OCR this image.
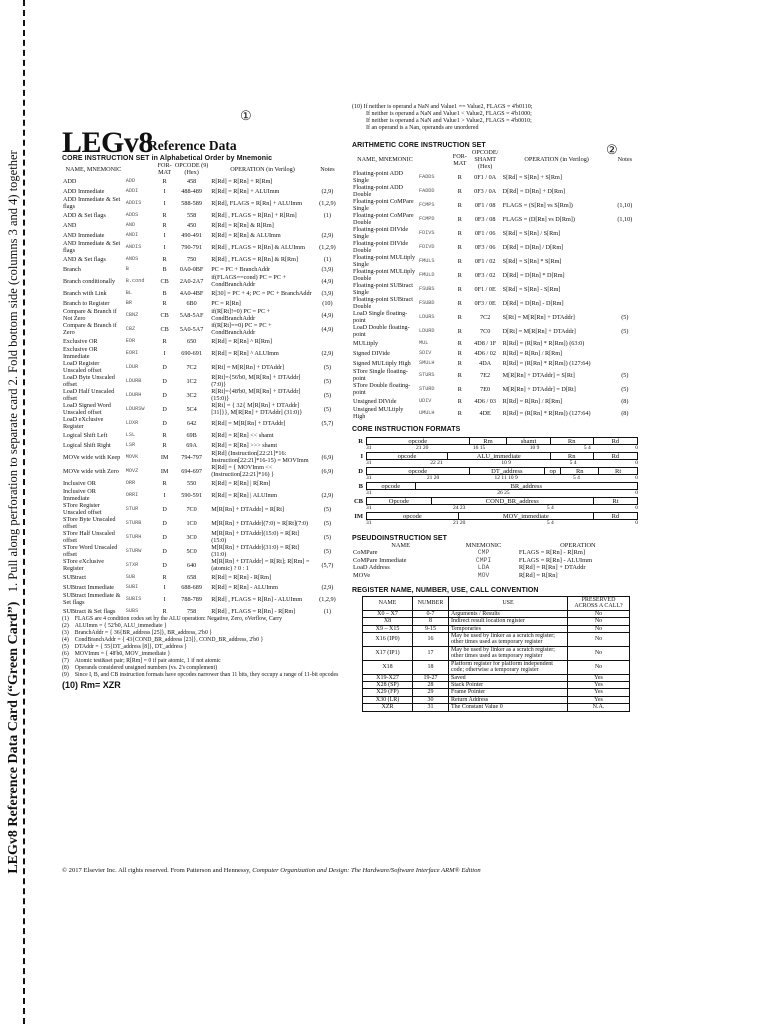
LEGv8 Reference Data Card (“Green Card”)   1. Pull along perforation to separate card 2. Fold bottom side (columns 3 and 4) together
①
LEGv8
Reference Data
CORE INSTRUCTION SET in Alphabetical Order by Mnemonic
NAME, MNEMONIC		FOR-
MAT	OPCODE (9)
(Hex)	OPERATION (in Verilog)	Notes
ADD	ADD	R	458	R[Rd] = R[Rn] + R[Rm]	
ADD Immediate	ADDI	I	488-489	R[Rd] = R[Rn] + ALUImm	(2,9)
ADD Immediate & Set flags	ADDIS	I	588-589	R[Rd], FLAGS = R[Rn] + ALUImm	(1,2,9)
ADD & Set flags	ADDS	R	558	R[Rd] , FLAGS = R[Rn] + R[Rm]	(1)
AND	AND	R	450	R[Rd] = R[Rn] & R[Rm]	
AND Immediate	ANDI	I	490-491	R[Rd] = R[Rn] & ALUImm	(2,9)
AND Immediate & Set flags	ANDIS	I	790-791	R[Rd] , FLAGS = R[Rn] & ALUImm	(1,2,9)
AND & Set flags	ANDS	R	750	R[Rd] , FLAGS = R[Rn] & R[Rm]	(1)
Branch	B	B	0A0-0BF	PC = PC + BranchAddr	(3,9)
Branch conditionally	B.cond	CB	2A0-2A7	if(FLAGS==cond) PC = PC + CondBranchAddr	(4,9)
Branch with Link	BL	B	4A0-4BF	R[30] = PC + 4; PC = PC + BranchAddr	(3,9)
Branch to Register	BR	R	6B0	PC = R[Rn]	(10)
Compare & Branch if Not Zero	CBNZ	CB	5A8-5AF	if(R[Rt]!=0) PC = PC + CondBranchAddr	(4,9)
Compare & Branch if Zero	CBZ	CB	5A0-5A7	if(R[Rt]==0) PC = PC + CondBranchAddr	(4,9)
Exclusive OR	EOR	R	650	R[Rd] = R[Rn] ^ R[Rm]	
Exclusive OR Immediate	EORI	I	690-691	R[Rd] = R[Rn] ^ ALUImm	(2,9)
LoaD Register Unscaled offset	LDUR	D	7C2	R[Rt] = M[R[Rn] + DTAddr]	(5)
LoaD Byte Unscaled offset	LDURB	D	1C2	R[Rt]={56'b0, M[R[Rn] + DTAddr](7:0)}	(5)
LoaD Half Unscaled offset	LDURH	D	3C2	R[Rt]={48'b0, M[R[Rn] + DTAddr] (15:0)}	(5)
LoaD Signed Word Unscaled offset	LDURSW	D	5C4	R[Rt] = { 32{ M[R[Rn] + DTAddr] [31]}}, M[R[Rn] + DTAddr] (31:0)}	(5)
LoaD eXclusive Register	LDXR	D	642	R[Rd] = M[R[Rn] + DTAddr]	(5,7)
Logical Shift Left	LSL	R	69B	R[Rd] = R[Rn] << shamt	
Logical Shift Right	LSR	R	69A	R[Rd] = R[Rn] >>> shamt	
MOVe wide with Keep	MOVK	IM	794-797	R[Rd] (Instruction[22:21]*16: Instruction[22:21]*16-15) = MOVImm	(6,9)
MOVe wide with Zero	MOVZ	IM	694-697	R[Rd] = { MOVImm << (Instruction[22:21]*16) }	(6,9)
Inclusive OR	ORR	R	550	R[Rd] = R[Rn] | R[Rm]	
Inclusive OR Immediate	ORRI	I	590-591	R[Rd] = R[Rn] | ALUImm	(2,9)
STore Register Unscaled offset	STUR	D	7C0	M[R[Rn] + DTAddr] = R[Rt]	(5)
STore Byte Unscaled offset	STURB	D	1C0	M[R[Rn] + DTAddr](7:0) = R[Rt](7:0)	(5)
STore Half Unscaled offset	STURH	D	3C0	M[R[Rn] + DTAddr](15:0) = R[Rt](15:0)	(5)
STore Word Unscaled offset	STURW	D	5C0	M[R[Rn] + DTAddr](31:0) = R[Rt](31:0)	(5)
STore eXclusive Register	STXR	D	640	M[R[Rn] + DTAddr] = R[Rt]; R[Rm] = (atomic) ? 0 : 1	(5,7)
SUBtract	SUB	R	658	R[Rd] = R[Rn] - R[Rm]	
SUBtract Immediate	SUBI	I	688-689	R[Rd] = R[Rn] - ALUImm	(2,9)
SUBtract Immediate & Set flags	SUBIS	I	788-789	R[Rd] , FLAGS = R[Rn] - ALUImm	(1,2,9)
SUBtract & Set flags	SUBS	R	758	R[Rd] , FLAGS = R[Rn] - R[Rm]	(1)
(1) FLAGS are 4 condition codes set by the ALU operation: Negative, Zero, oVerflow, Carry
(2) ALUImm = { 52'b0, ALU_immediate }
(3) BranchAddr = { 36{BR_address [25]}, BR_address, 2'b0 }
(4) CondBranchAddr = { 43{COND_BR_address [23]}, COND_BR_address, 2'b0 }
(5) DTAddr = { 55{DT_address [8]}, DT_address }
(6) MOVImm = { 48'b0, MOV_immediate }
(7) Atomic test&set pair; R[Rm] = 0 if pair atomic, 1 if not atomic
(8) Operands considered unsigned numbers (vs. 2's complement)
(9) Since I, B, and CB instruction formats have opcodes narrower than 11 bits, they occupy a range of 11-bit opcodes
(10) Rm= XZR
(10) If neither is operand a NaN and Value1 == Value2, FLAGS = 4'b0110;
If neither is operand a NaN and Value1 < Value2, FLAGS = 4'b1000;
If neither is operand a NaN and Value1 > Value2, FLAGS = 4'b0010;
If an operand is a Nan, operands are unordered
②
ARITHMETIC CORE INSTRUCTION SET
NAME, MNEMONIC		FOR-
MAT	OPCODE/
SHAMT
(Hex)	OPERATION (in Verilog)	Notes
Floating-point ADD Single	FADDS	R	0F1 / 0A	S[Rd] = S[Rn] + S[Rm]	
Floating-point ADD Double	FADDD	R	0F3 / 0A	D[Rd] = D[Rn] + D[Rm]	
Floating-point CoMPare Single	FCMPS	R	0F1 / 08	FLAGS = (S[Rn] vs S[Rm])	(1,10)
Floating-point CoMPare Double	FCMPD	R	0F3 / 08	FLAGS = (D[Rn] vs D[Rm])	(1,10)
Floating-point DIVide Single	FDIVS	R	0F1 / 06	S[Rd] = S[Rn] / S[Rm]	
Floating-point DIVide Double	FDIVD	R	0F3 / 06	D[Rd] = D[Rn] / D[Rm]	
Floating-point MULtiply Single	FMULS	R	0F1 / 02	S[Rd] = S[Rn] * S[Rm]	
Floating-point MULtiply Double	FMULD	R	0F3 / 02	D[Rd] = D[Rn] * D[Rm]	
Floating-point SUBtract Single	FSUBS	R	0F1 / 0E	S[Rd] = S[Rn] - S[Rm]	
Floating-point SUBtract Double	FSUBD	R	0F3 / 0E	D[Rd] = D[Rn] - D[Rm]	
LoaD Single floating-point	LDURS	R	7C2	S[Rt] = M[R[Rn] + DTAddr]	(5)
LoaD Double floating-point	LDURD	R	7C0	D[Rt] = M[R[Rn] + DTAddr]	(5)
MULtiply	MUL	R	4D8 / 1F	R[Rd] = (R[Rn] * R[Rm]) (63:0)	
Signed DIVide	SDIV	R	4D6 / 02	R[Rd] = R[Rn] / R[Rm]	
Signed MULtiply High	SMULH	R	4DA	R[Rd] = (R[Rn] * R[Rm]) (127:64)	
STore Single floating-point	STURS	R	7E2	M[R[Rn] + DTAddr] = S[Rt]	(5)
STore Double floating-point	STURD	R	7E0	M[R[Rn] + DTAddr] = D[Rt]	(5)
Unsigned DIVide	UDIV	R	4D6 / 03	R[Rd] = R[Rn] / R[Rm]	(8)
Unsigned MULtiply High	UMULH	R	4DE	R[Rd] = (R[Rn] * R[Rm]) (127:64)	(8)
CORE INSTRUCTION FORMATS
R	opcode	Rm	shamt	Rn	Rd
31	21 20	16 15	10 9	5 4	0
I	opcode	ALU_immediate	Rn	Rd
31	22 21	10 9	5 4	0
D	opcode	DT_address	op	Rn	Rt
31	21 20	12 11 10 9	5 4	0
B	opcode	BR_address
31	26 25	0
CB	Opcode	COND_BR_address	Rt
31	24 23	5 4	0
IM	opcode	MOV_immediate	Rd
31	21 20	5 4	0
PSEUDOINSTRUCTION SET
NAME	MNEMONIC	OPERATION
CoMPare	CMP	FLAGS = R[Rn] - R[Rm]
CoMPare Immediate	CMPI	FLAGS = R[Rn] - ALUImm
LoaD Address	LDA	R[Rd] = R[Rn] + DTAddr
MOVe	MOV	R[Rd] = R[Rn]
REGISTER NAME, NUMBER, USE, CALL CONVENTION
NAME	NUMBER	USE	PRESERVED ACROSS A CALL?
X0 – X7	0-7	Arguments / Results	No
X8	8	Indirect result location register	No
X9 – X15	9-15	Temporaries	No
X16 (IP0)	16	May be used by linker as a scratch register; other times used as temporary register	No
X17 (IP1)	17	May be used by linker as a scratch register; other times used as temporary register	No
X18	18	Platform register for platform independent code; otherwise a temporary register	No
X19-X27	19-27	Saved	Yes
X28 (SP)	28	Stack Pointer	Yes
X29 (FP)	29	Frame Pointer	Yes
X30 (LR)	30	Return Address	Yes
XZR	31	The Constant Value 0	N.A.
© 2017 Elsevier Inc. All rights reserved. From Patterson and Hennessy, Computer Organization and Design: The Hardware/Software Interface ARM® Edition
